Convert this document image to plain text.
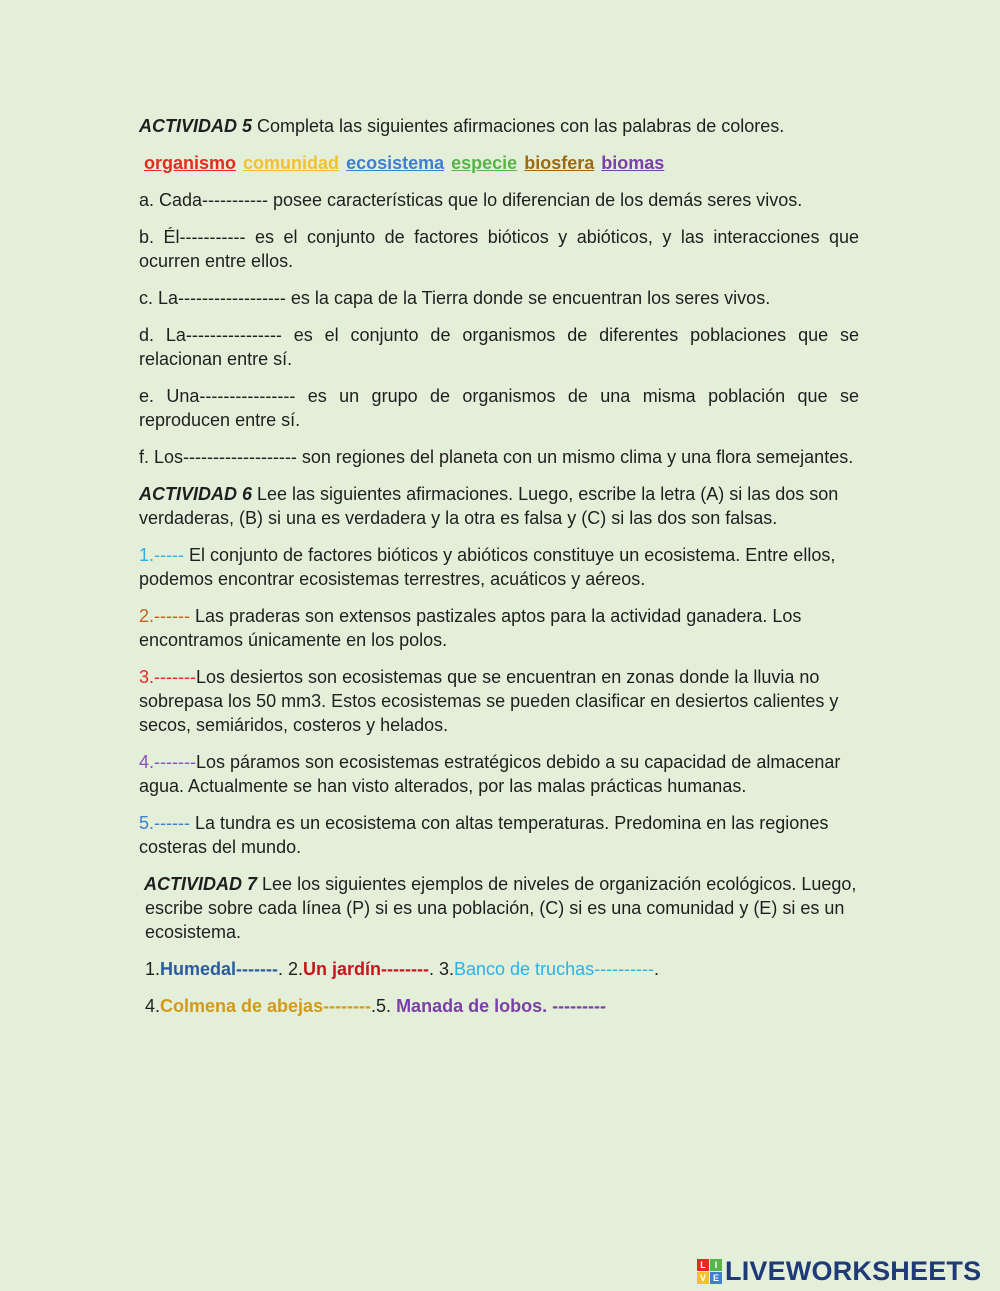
ACTIVIDAD 5 Completa las siguientes afirmaciones con las palabras de colores.

organismo comunidad ecosistema especie biosfera biomas

a. Cada----------- posee características que lo diferencian de los demás seres vivos.

b. Él----------- es el conjunto de factores bióticos y abióticos, y las interacciones que ocurren entre ellos.

c. La------------------ es la capa de la Tierra donde se encuentran los seres vivos.

d. La---------------- es el conjunto de organismos de diferentes poblaciones que se relacionan entre sí.

e. Una---------------- es un grupo de organismos de una misma población que se reproducen entre sí.

f. Los------------------- son regiones del planeta con un mismo clima y una flora semejantes.

ACTIVIDAD 6 Lee las siguientes afirmaciones. Luego, escribe la letra (A) si las dos son verdaderas, (B) si una es verdadera y la otra es falsa y (C) si las dos son falsas.

1.----- El conjunto de factores bióticos y abióticos constituye un ecosistema. Entre ellos, podemos encontrar ecosistemas terrestres, acuáticos y aéreos.

2.------ Las praderas son extensos pastizales aptos para la actividad ganadera. Los encontramos únicamente en los polos.

3.-------Los desiertos son ecosistemas que se encuentran en zonas donde la lluvia no sobrepasa los 50 mm3. Estos ecosistemas se pueden clasificar en desiertos calientes y secos, semiáridos, costeros y helados.

4.-------Los páramos son ecosistemas estratégicos debido a su capacidad de almacenar agua. Actualmente se han visto alterados, por las malas prácticas humanas.

5.------ La tundra es un ecosistema con altas temperaturas. Predomina en las regiones costeras del mundo.

ACTIVIDAD 7 Lee los siguientes ejemplos de niveles de organización ecológicos. Luego, escribe sobre cada línea (P) si es una población, (C) si es una comunidad y (E) si es un ecosistema.

1.Humedal-------. 2.Un jardín--------. 3.Banco de truchas----------.

4.Colmena de abejas--------.5. Manada de lobos. ---------

L I
V E LIVEWORKSHEETS
